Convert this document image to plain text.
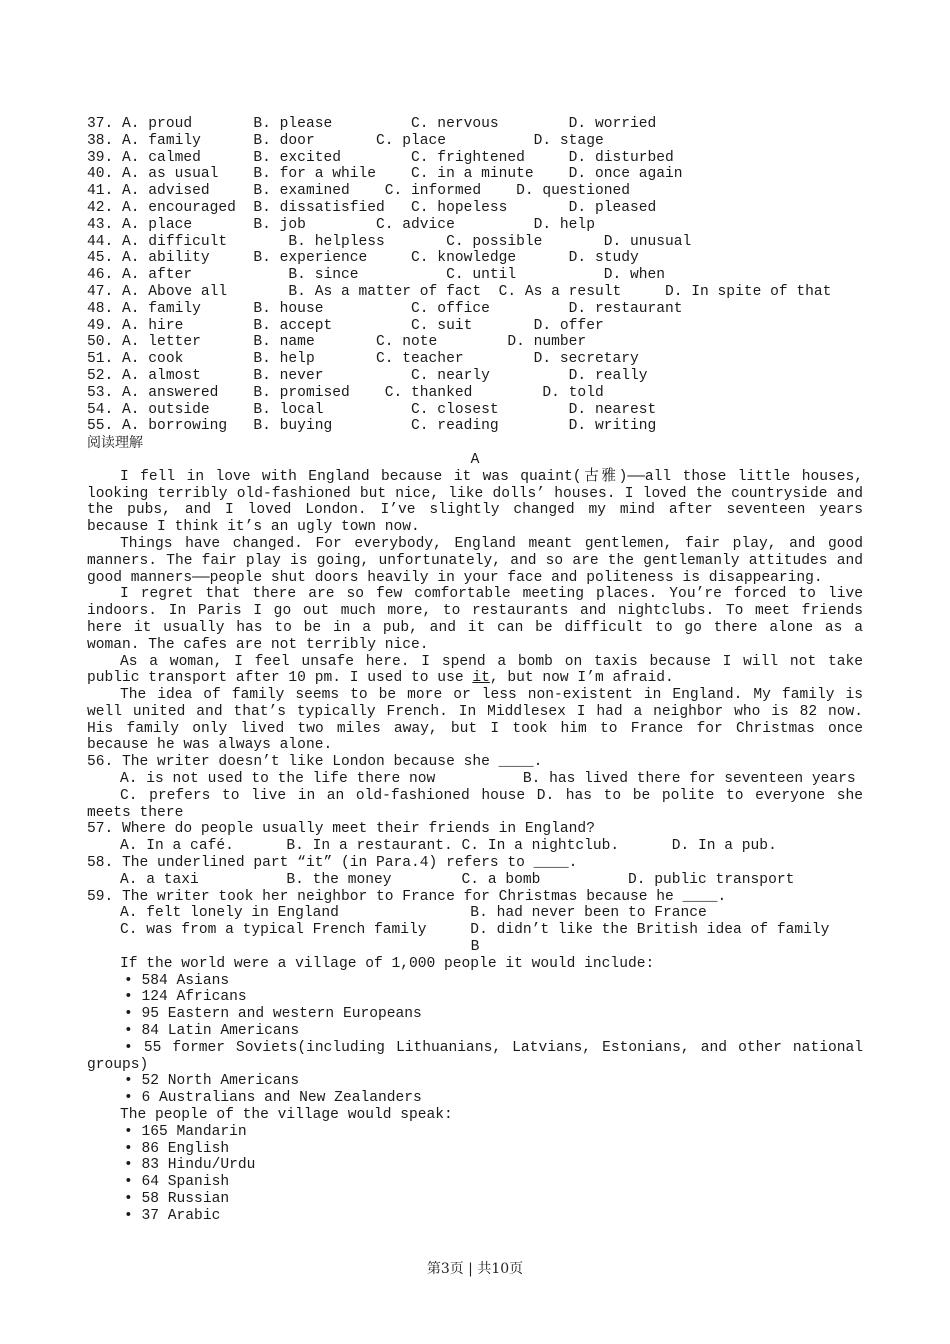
37. A. proud       B. please         C. nervous        D. worried
38. A. family      B. door       C. place          D. stage
39. A. calmed      B. excited        C. frightened     D. disturbed
40. A. as usual    B. for a while    C. in a minute    D. once again
41. A. advised     B. examined    C. informed    D. questioned
42. A. encouraged  B. dissatisfied   C. hopeless       D. pleased
43. A. place       B. job        C. advice         D. help
44. A. difficult       B. helpless       C. possible       D. unusual
45. A. ability     B. experience     C. knowledge      D. study
46. A. after           B. since          C. until          D. when
47. A. Above all       B. As a matter of fact  C. As a result     D. In spite of that
48. A. family      B. house          C. office         D. restaurant
49. A. hire        B. accept         C. suit       D. offer
50. A. letter      B. name       C. note        D. number
51. A. cook        B. help       C. teacher        D. secretary
52. A. almost      B. never          C. nearly         D. really
53. A. answered    B. promised    C. thanked        D. told
54. A. outside     B. local          C. closest        D. nearest
55. A. borrowing   B. buying         C. reading        D. writing
阅读理解
A
I fell in love with England because it was quaint(古雅)——all those little houses, looking terribly old-fashioned but nice, like dolls’ houses. I loved the countryside and the pubs, and I loved London. I’ve slightly changed my mind after seventeen years because I think it’s an ugly town now.
Things have changed. For everybody, England meant gentlemen, fair play, and good manners. The fair play is going, unfortunately, and so are the gentlemanly attitudes and good manners——people shut doors heavily in your face and politeness is disappearing.
I regret that there are so few comfortable meeting places. You’re forced to live indoors. In Paris I go out much more, to restaurants and nightclubs. To meet friends here it usually has to be in a pub, and it can be difficult to go there alone as a woman. The cafes are not terribly nice.
As a woman, I feel unsafe here. I spend a bomb on taxis because I will not take public transport after 10 pm. I used to use it, but now I’m afraid.
The idea of family seems to be more or less non-existent in England. My family is well united and that’s typically French. In Middlesex I had a neighbor who is 82 now. His family only lived two miles away, but I took him to France for Christmas once because he was always alone.
56. The writer doesn’t like London because she ____.
A. is not used to the life there now          B. has lived there for seventeen years
C. prefers to live in an old-fashioned house D. has to be polite to everyone she meets there
57. Where do people usually meet their friends in England?
A. In a café.      B. In a restaurant. C. In a nightclub.      D. In a pub.
58. The underlined part “it” (in Para.4) refers to ____.
A. a taxi          B. the money        C. a bomb          D. public transport
59. The writer took her neighbor to France for Christmas because he ____.
A. felt lonely in England               B. had never been to France
C. was from a typical French family     D. didn’t like the British idea of family
B
If the world were a village of 1,000 people it would include:
• 584 Asians
• 124 Africans
• 95 Eastern and western Europeans
• 84 Latin Americans
• 55 former Soviets(including Lithuanians, Latvians, Estonians, and other national groups)
• 52 North Americans
• 6 Australians and New Zealanders
The people of the village would speak:
• 165 Mandarin
• 86 English
• 83 Hindu/Urdu
• 64 Spanish
• 58 Russian
• 37 Arabic
第3页 | 共10页
